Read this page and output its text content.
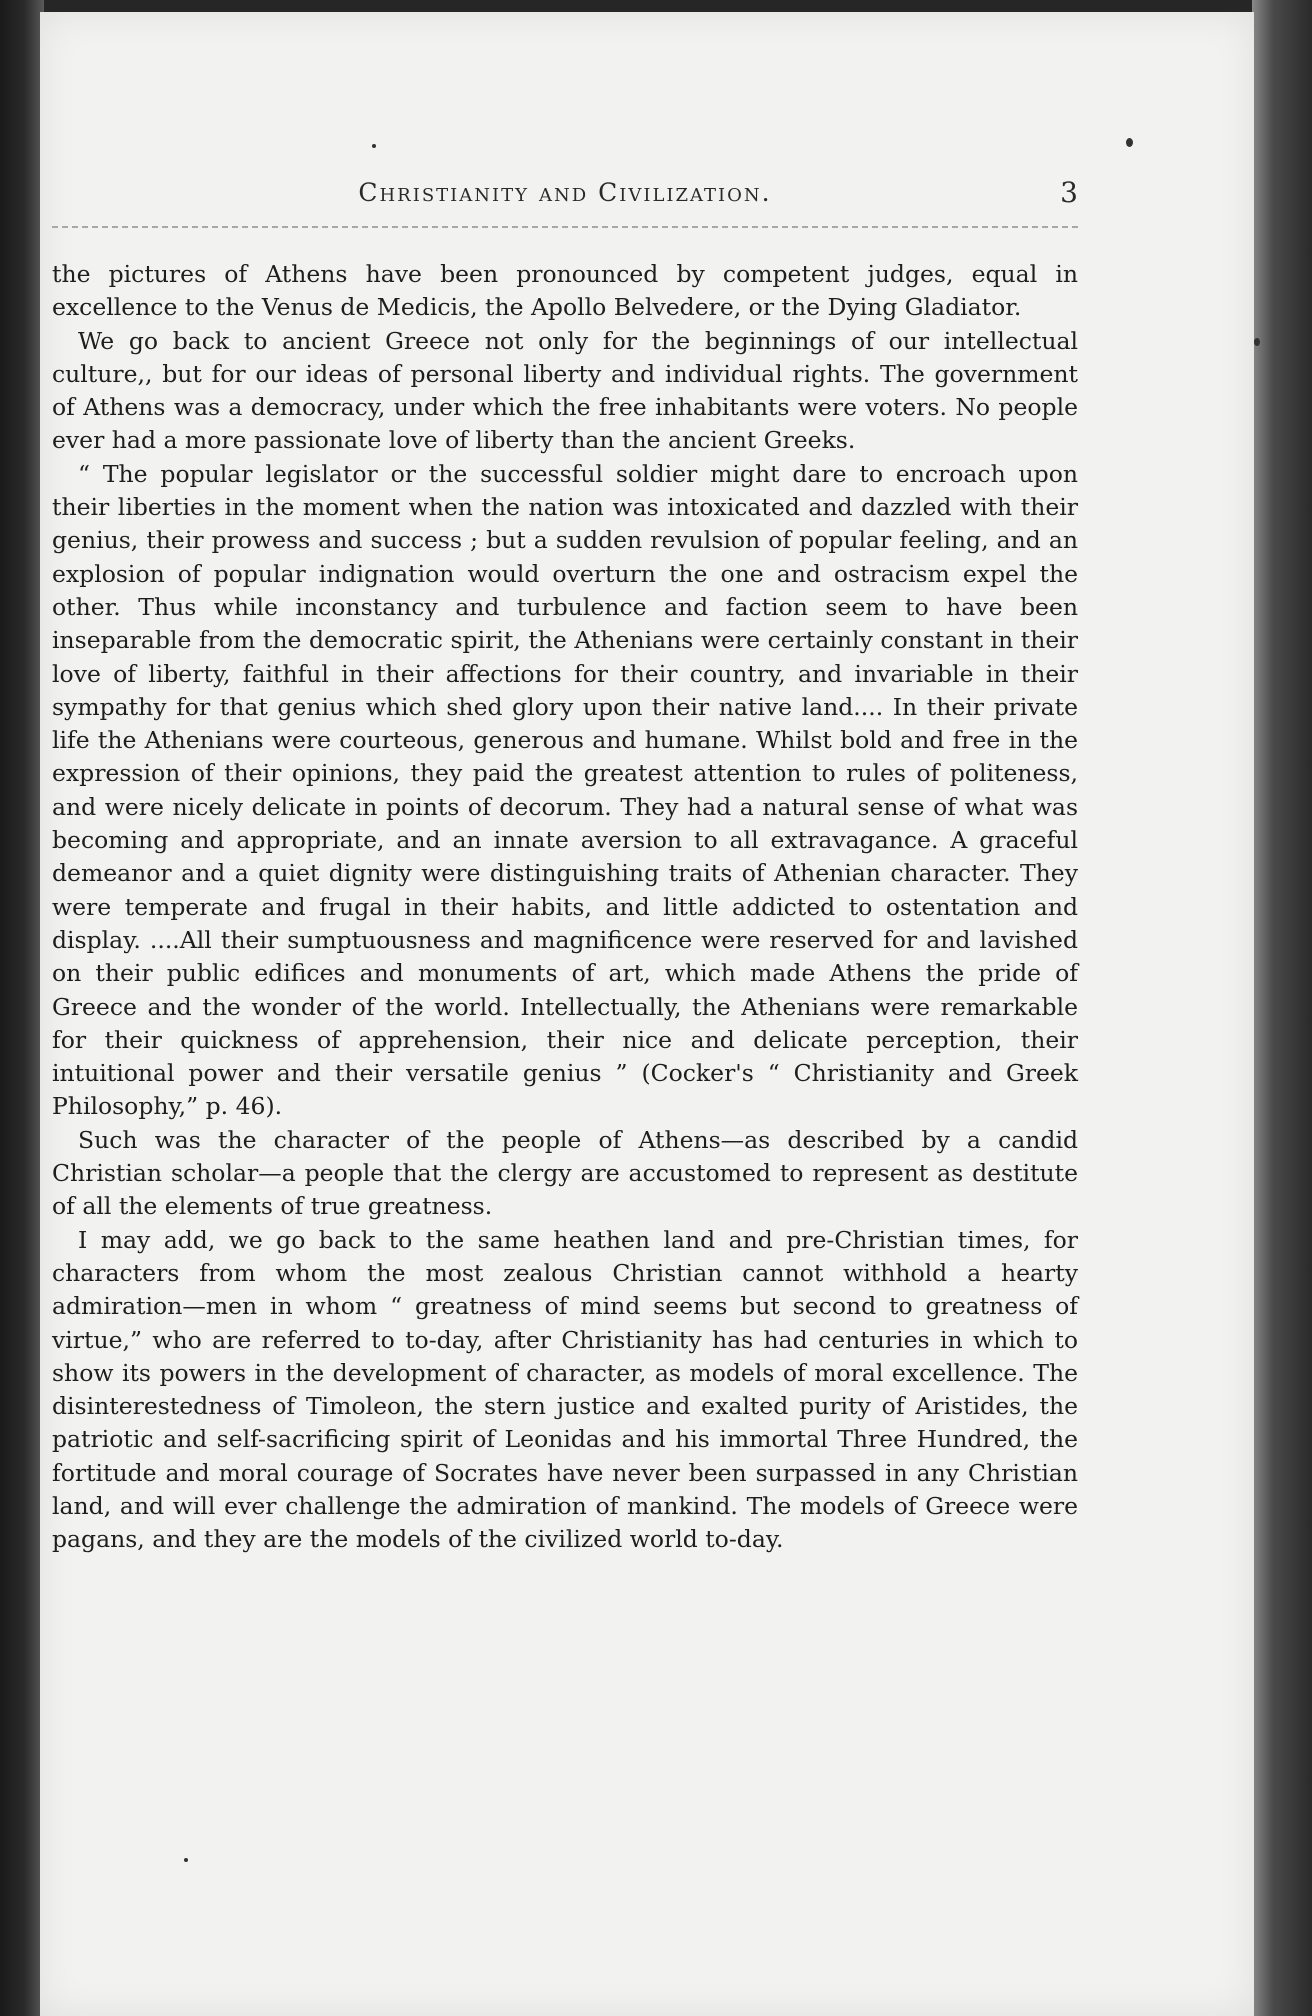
Christianity and Civilization.	3

the pictures of Athens have been pronounced by competent judges, equal in excellence to the Venus de Medicis, the Apollo Belvedere, or the Dying Gladiator.

We go back to ancient Greece not only for the beginnings of our intellectual culture,, but for our ideas of personal liberty and individual rights. The government of Athens was a democracy, under which the free inhabitants were voters. No people ever had a more passionate love of liberty than the ancient Greeks.

“ The popular legislator or the successful soldier might dare to encroach upon their liberties in the moment when the nation was intoxicated and dazzled with their genius, their prowess and success ; but a sudden revulsion of popular feeling, and an explosion of popular indignation would overturn the one and ostracism expel the other. Thus while inconstancy and turbulence and faction seem to have been inseparable from the democratic spirit, the Athenians were certainly constant in their love of liberty, faithful in their affections for their country, and invariable in their sympathy for that genius which shed glory upon their native land.... In their private life the Athenians were courteous, generous and humane. Whilst bold and free in the expression of their opinions, they paid the greatest attention to rules of politeness, and were nicely delicate in points of decorum. They had a natural sense of what was becoming and appropriate, and an innate aversion to all extravagance. A graceful demeanor and a quiet dignity were distinguishing traits of Athenian character. They were temperate and frugal in their habits, and little addicted to ostentation and display. ....All their sumptuousness and magnificence were reserved for and lavished on their public edifices and monuments of art, which made Athens the pride of Greece and the wonder of the world. Intellectually, the Athenians were remarkable for their quickness of apprehension, their nice and delicate perception, their intuitional power and their versatile genius ” (Cocker's “ Christianity and Greek Philosophy,” p. 46).

Such was the character of the people of Athens—as described by a candid Christian scholar—a people that the clergy are accustomed to represent as destitute of all the elements of true greatness.

I may add, we go back to the same heathen land and pre-Christian times, for characters from whom the most zealous Christian cannot withhold a hearty admiration—men in whom “ greatness of mind seems but second to greatness of virtue,” who are referred to to-day, after Christianity has had centuries in which to show its powers in the development of character, as models of moral excellence. The disinterestedness of Timoleon, the stern justice and exalted purity of Aristides, the patriotic and self-sacrificing spirit of Leonidas and his immortal Three Hundred, the fortitude and moral courage of Socrates have never been surpassed in any Christian land, and will ever challenge the admiration of mankind. The models of Greece were pagans, and they are the models of the civilized world to-day.
